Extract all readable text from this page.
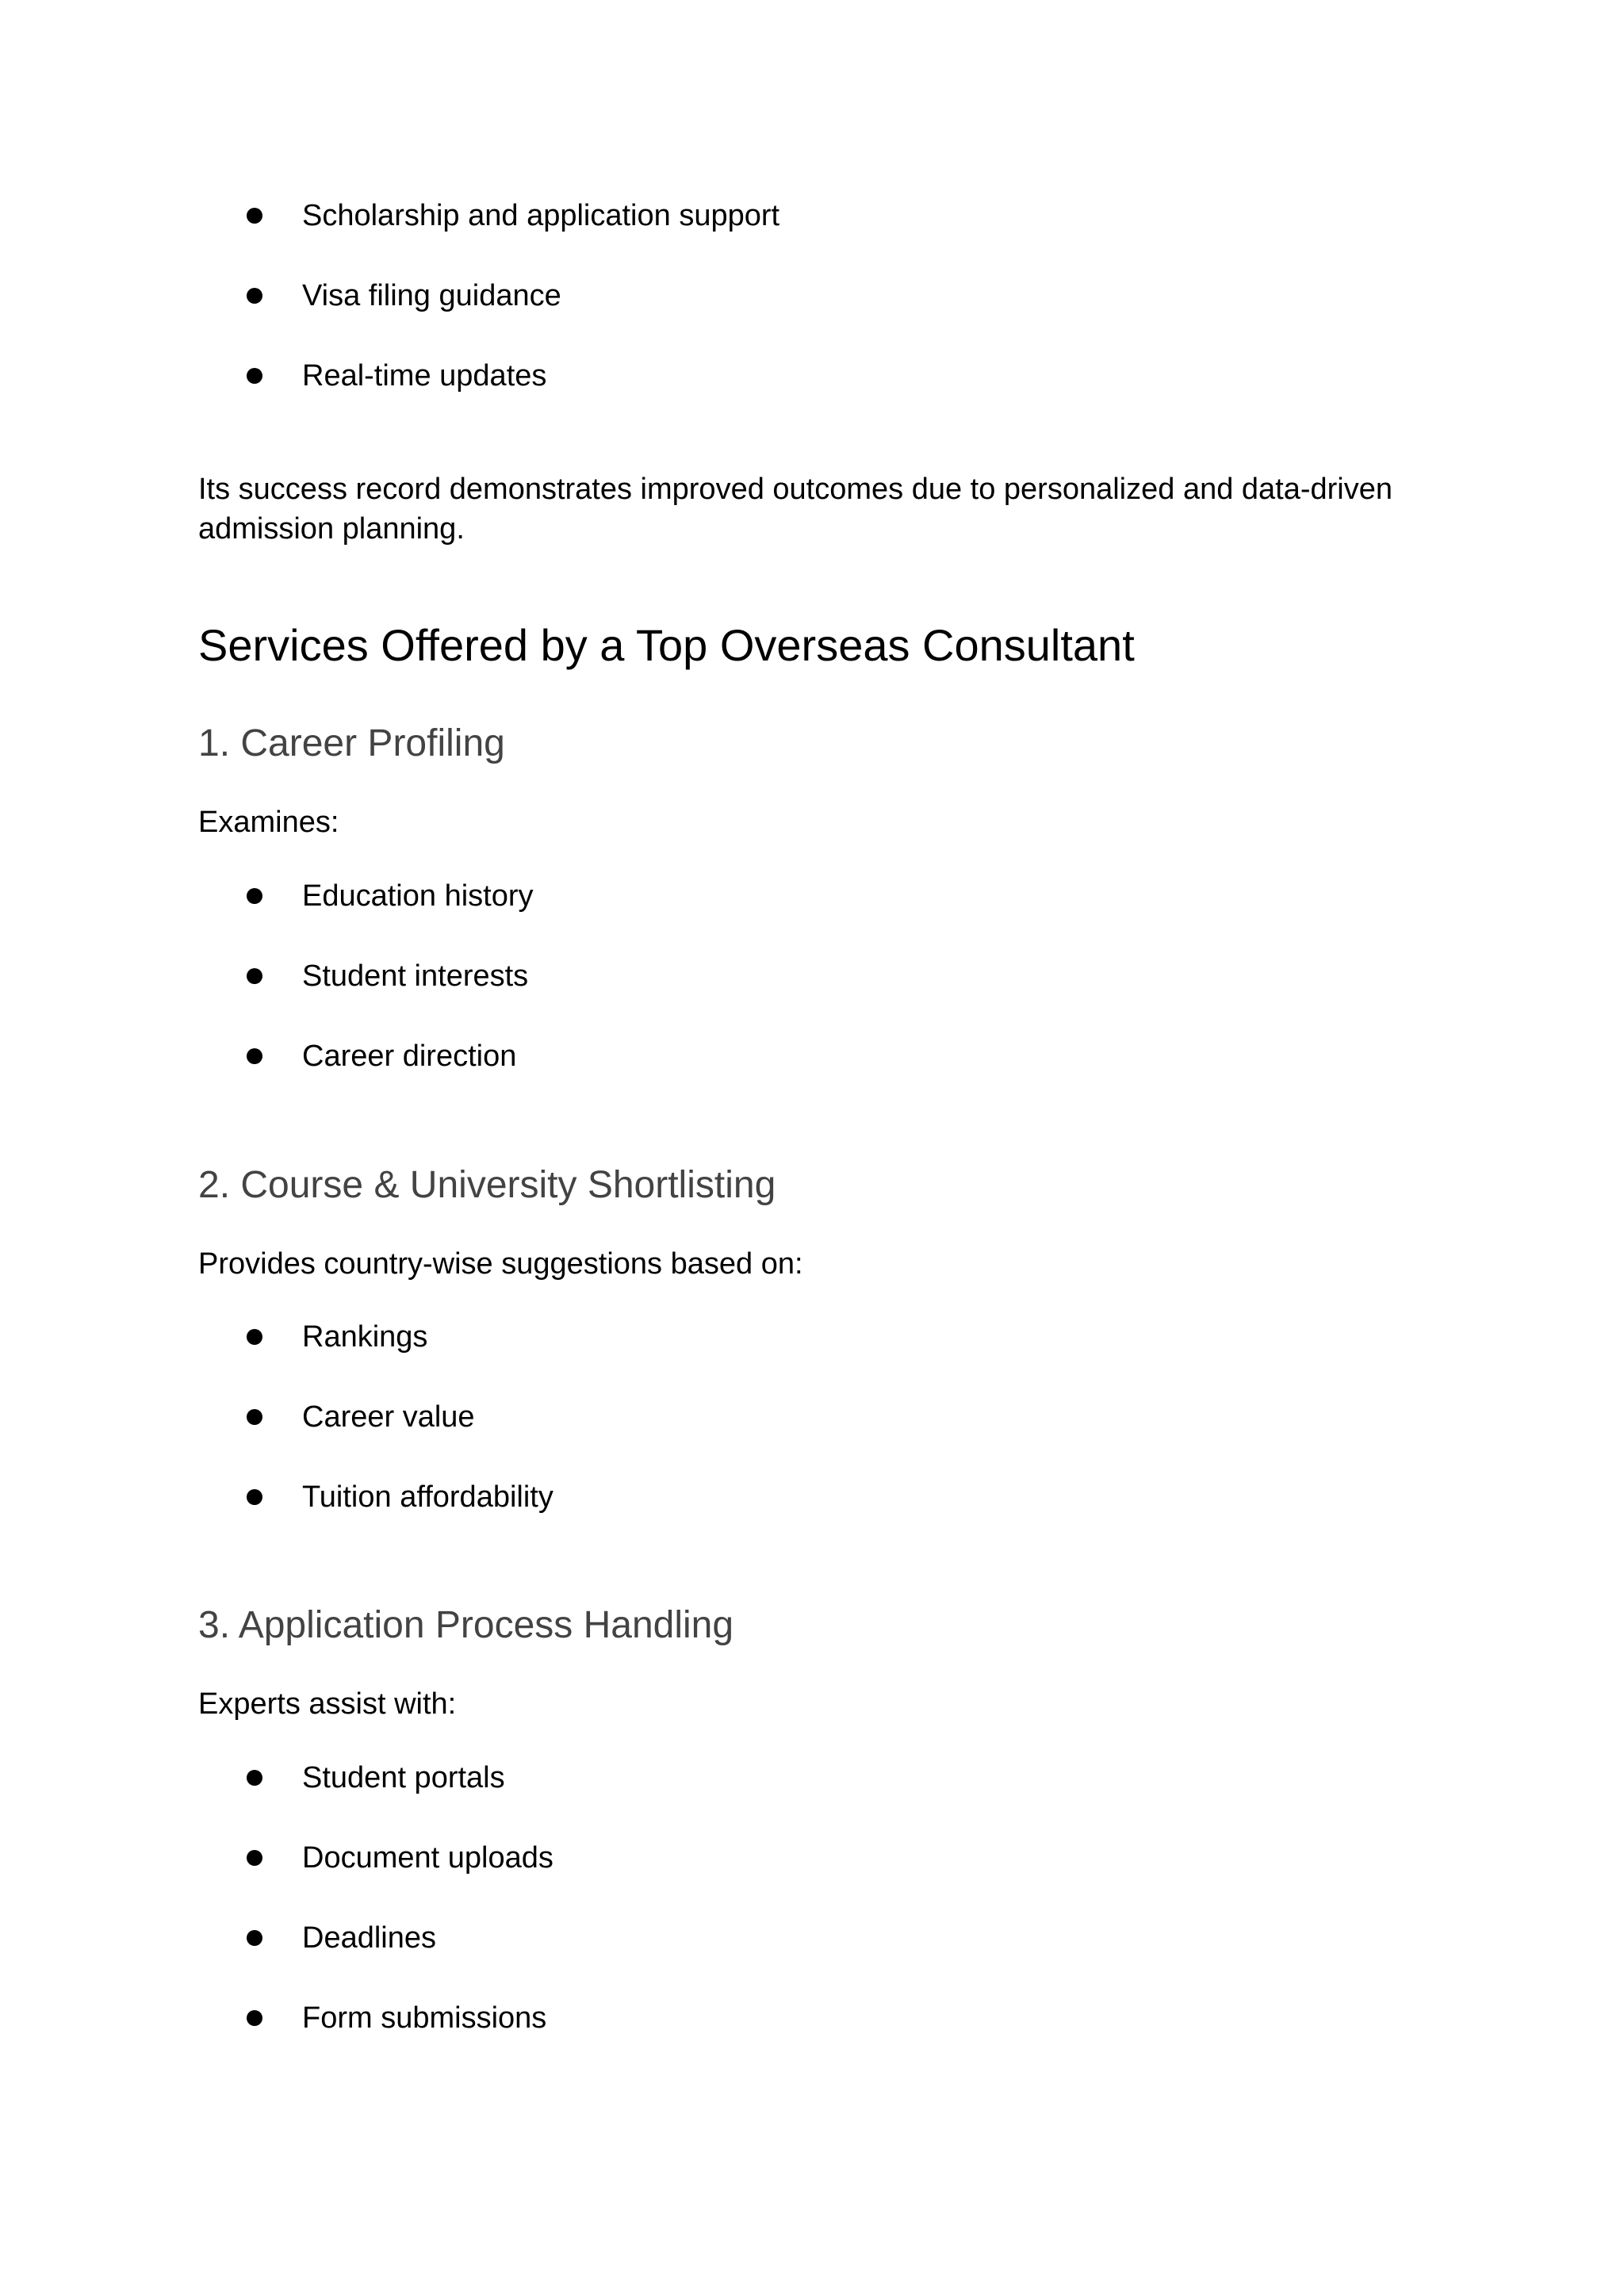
Scholarship and application support
Visa filing guidance
Real-time updates
Its success record demonstrates improved outcomes due to personalized and data-driven
admission planning.
Services Offered by a Top Overseas Consultant
1. Career Profiling
Examines:
Education history
Student interests
Career direction
2. Course & University Shortlisting
Provides country-wise suggestions based on:
Rankings
Career value
Tuition affordability
3. Application Process Handling
Experts assist with:
Student portals
Document uploads
Deadlines
Form submissions
